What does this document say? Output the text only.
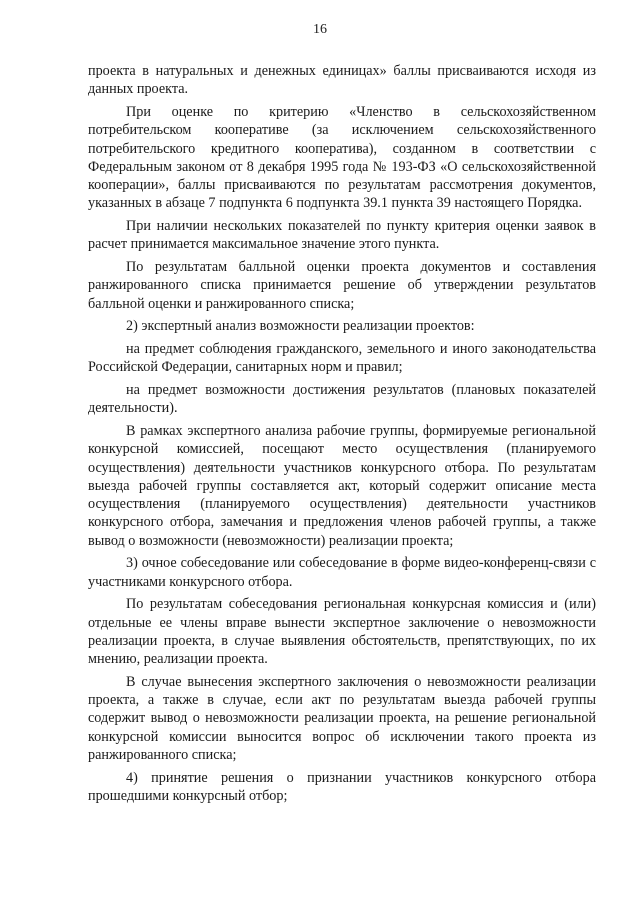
16

проекта в натуральных и денежных единицах» баллы присваиваются исходя из данных проекта.

При оценке по критерию «Членство в сельскохозяйственном потребительском кооперативе (за исключением сельскохозяйственного потребительского кредитного кооператива), созданном в соответствии с Федеральным законом от 8 декабря 1995 года № 193-ФЗ «О сельскохозяйственной кооперации», баллы присваиваются по результатам рассмотрения документов, указанных в абзаце 7 подпункта 6 подпункта 39.1 пункта 39 настоящего Порядка.

При наличии нескольких показателей по пункту критерия оценки заявок в расчет принимается максимальное значение этого пункта.

По результатам балльной оценки проекта документов и составления ранжированного списка принимается решение об утверждении результатов балльной оценки и ранжированного списка;

2) экспертный анализ возможности реализации проектов:

на предмет соблюдения гражданского, земельного и иного законодательства Российской Федерации, санитарных норм и правил;

на предмет возможности достижения результатов (плановых показателей деятельности).

В рамках экспертного анализа рабочие группы, формируемые региональной конкурсной комиссией, посещают место осуществления (планируемого осуществления) деятельности участников конкурсного отбора. По результатам выезда рабочей группы составляется акт, который содержит описание места осуществления (планируемого осуществления) деятельности участников конкурсного отбора, замечания и предложения членов рабочей группы, а также вывод о возможности (невозможности) реализации проекта;

3) очное собеседование или собеседование в форме видео-конференц-связи с участниками конкурсного отбора.

По результатам собеседования региональная конкурсная комиссия и (или) отдельные ее члены вправе вынести экспертное заключение о невозможности реализации проекта, в случае выявления обстоятельств, препятствующих, по их мнению, реализации проекта.

В случае вынесения экспертного заключения о невозможности реализации проекта, а также в случае, если акт по результатам выезда рабочей группы содержит вывод о невозможности реализации проекта, на решение региональной конкурсной комиссии выносится вопрос об исключении такого проекта из ранжированного списка;

4) принятие решения о признании участников конкурсного отбора прошедшими конкурсный отбор;
